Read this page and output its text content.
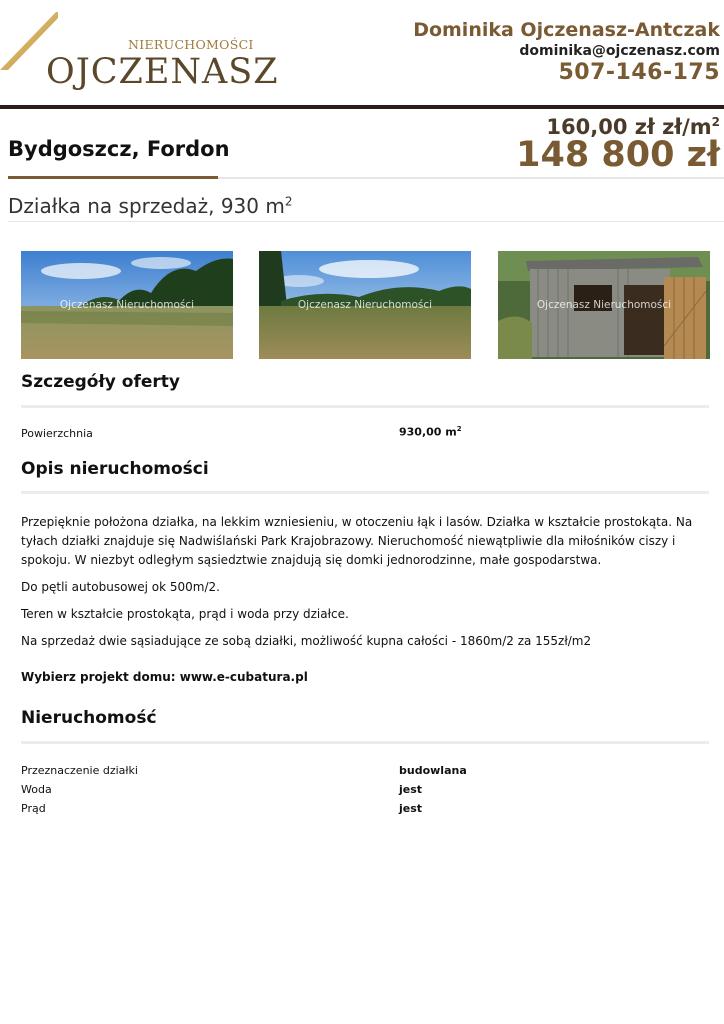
NIERUCHOMOŚCI
OJCZENASZ
Dominika Ojczenasz-Antczak
dominika@ojczenasz.com
507-146-175
Bydgoszcz, Fordon
160,00 zł $zł/m^2$
148 800 zł
Działka na sprzedaż, 930 $m^2$
Ojczenasz Nieruchomości	Ojczenasz Nieruchomości	Ojczenasz Nieruchomości
Szczegóły oferty
Powierzchnia	930,00 $m^2$
Opis nieruchomości

Przepięknie położona działka, na lekkim wzniesieniu, w otoczeniu łąk i lasów. Działka w kształcie prostokąta. Na tyłach działki znajduje się Nadwiślański Park Krajobrazowy. Nieruchomość niewątpliwie dla miłośników ciszy i spokoju. W niezbyt odległym sąsiedztwie znajdują się domki jednorodzinne, małe gospodarstwa.

Do pętli autobusowej ok 500m/2.

Teren w kształcie prostokąta, prąd i woda przy działce.

Na sprzedaż dwie sąsiadujące ze sobą działki, możliwość kupna całości - 1860m/2 za 155zł/m2

Wybierz projekt domu: www.e-cubatura.pl
Nieruchomość
Przeznaczenie działki	budowlana
Woda	jest
Prąd	jest
